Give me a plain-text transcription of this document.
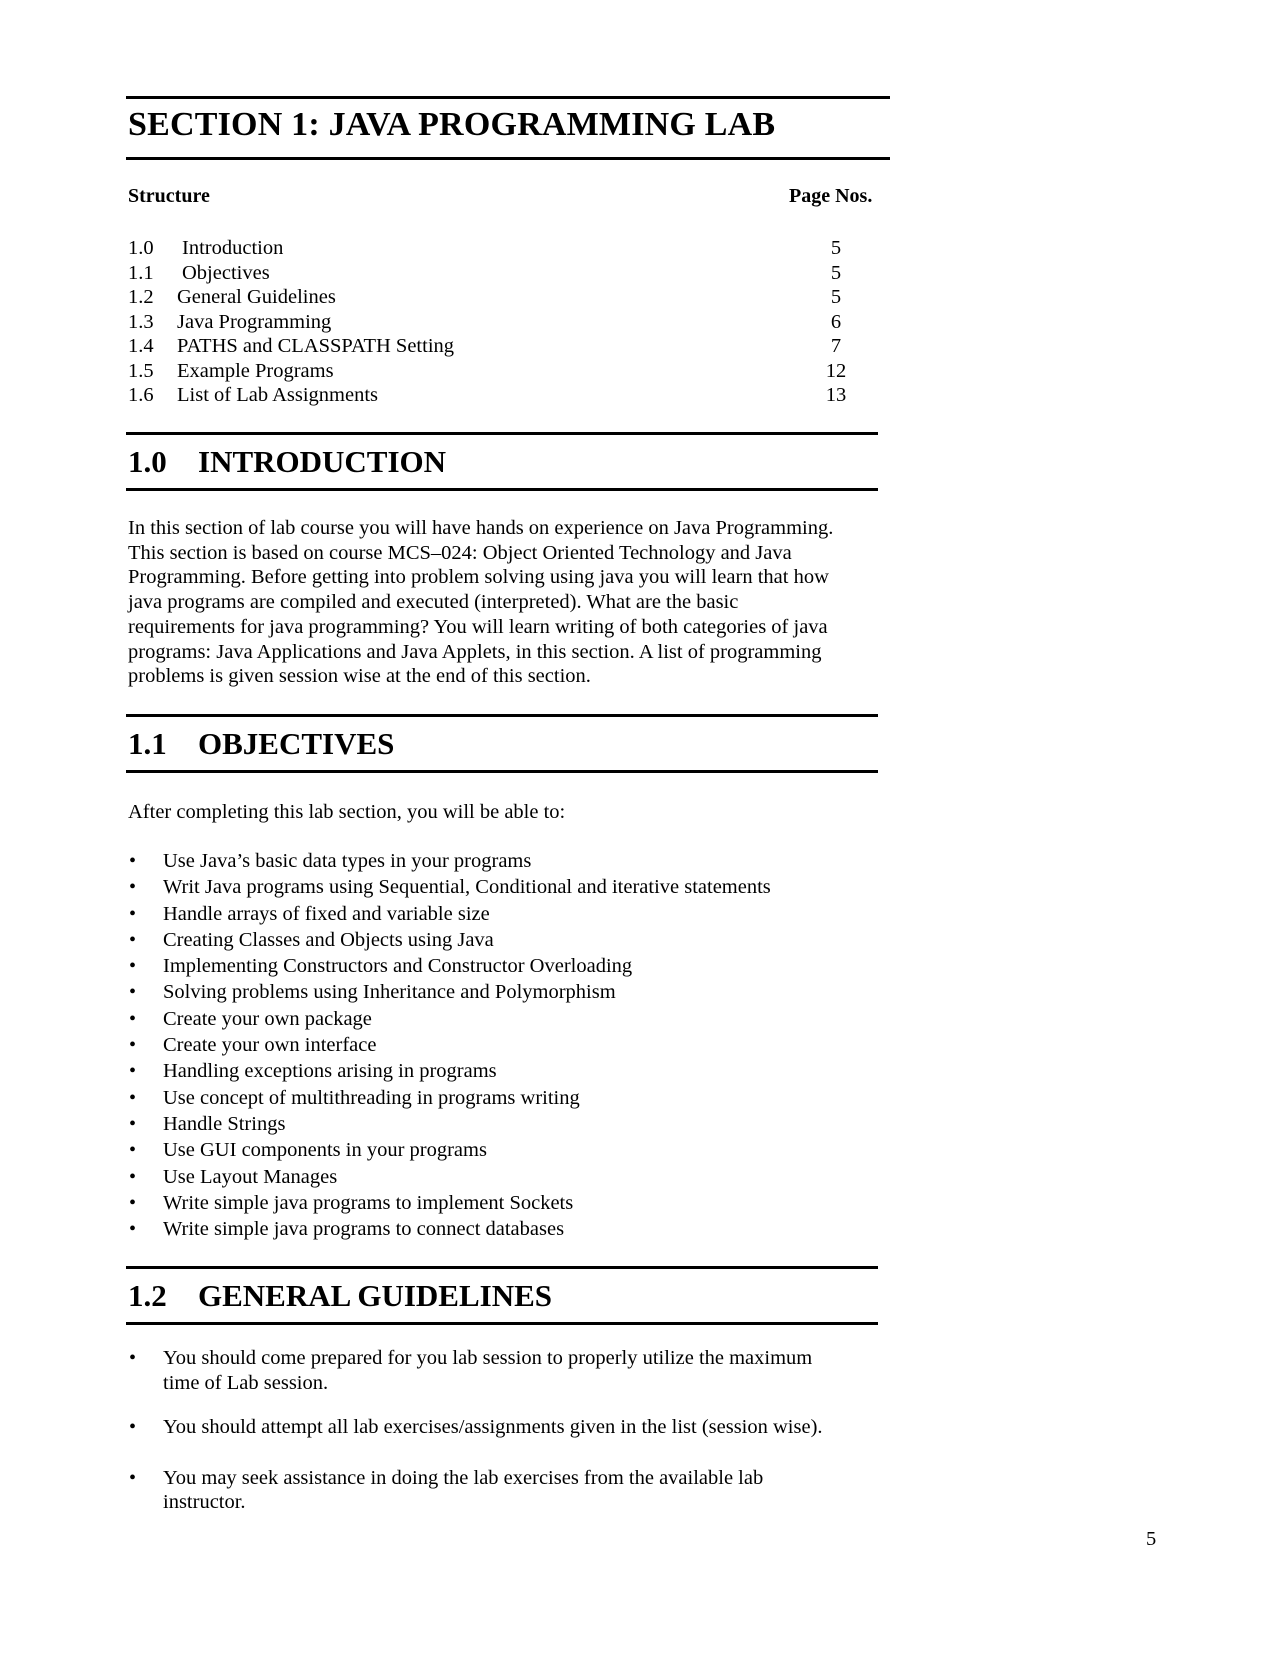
SECTION 1: JAVA PROGRAMMING LAB
Structure	Page Nos.
1.0 Introduction	5
1.1 Objectives	5
1.2 General Guidelines	5
1.3 Java Programming	6
1.4 PATHS and CLASSPATH Setting	7
1.5 Example Programs	12
1.6 List of Lab Assignments	13
1.0 INTRODUCTION
In this section of lab course you will have hands on experience on Java Programming.
This section is based on course MCS–024: Object Oriented Technology and Java
Programming. Before getting into problem solving using java you will learn that how
java programs are compiled and executed (interpreted). What are the basic
requirements for java programming? You will learn writing of both categories of java
programs: Java Applications and Java Applets, in this section. A list of programming
problems is given session wise at the end of this section.
1.1 OBJECTIVES

After completing this lab section, you will be able to:

• Use Java’s basic data types in your programs
• Writ Java programs using Sequential, Conditional and iterative statements
• Handle arrays of fixed and variable size
• Creating Classes and Objects using Java
• Implementing Constructors and Constructor Overloading
• Solving problems using Inheritance and Polymorphism
• Create your own package
• Create your own interface
• Handling exceptions arising in programs
• Use concept of multithreading in programs writing
• Handle Strings
• Use GUI components in your programs
• Use Layout Manages
• Write simple java programs to implement Sockets
• Write simple java programs to connect databases
1.2 GENERAL GUIDELINES
• You should come prepared for you lab session to properly utilize the maximum
time of Lab session.
• You should attempt all lab exercises/assignments given in the list (session wise).
• You may seek assistance in doing the lab exercises from the available lab
instructor.
5
